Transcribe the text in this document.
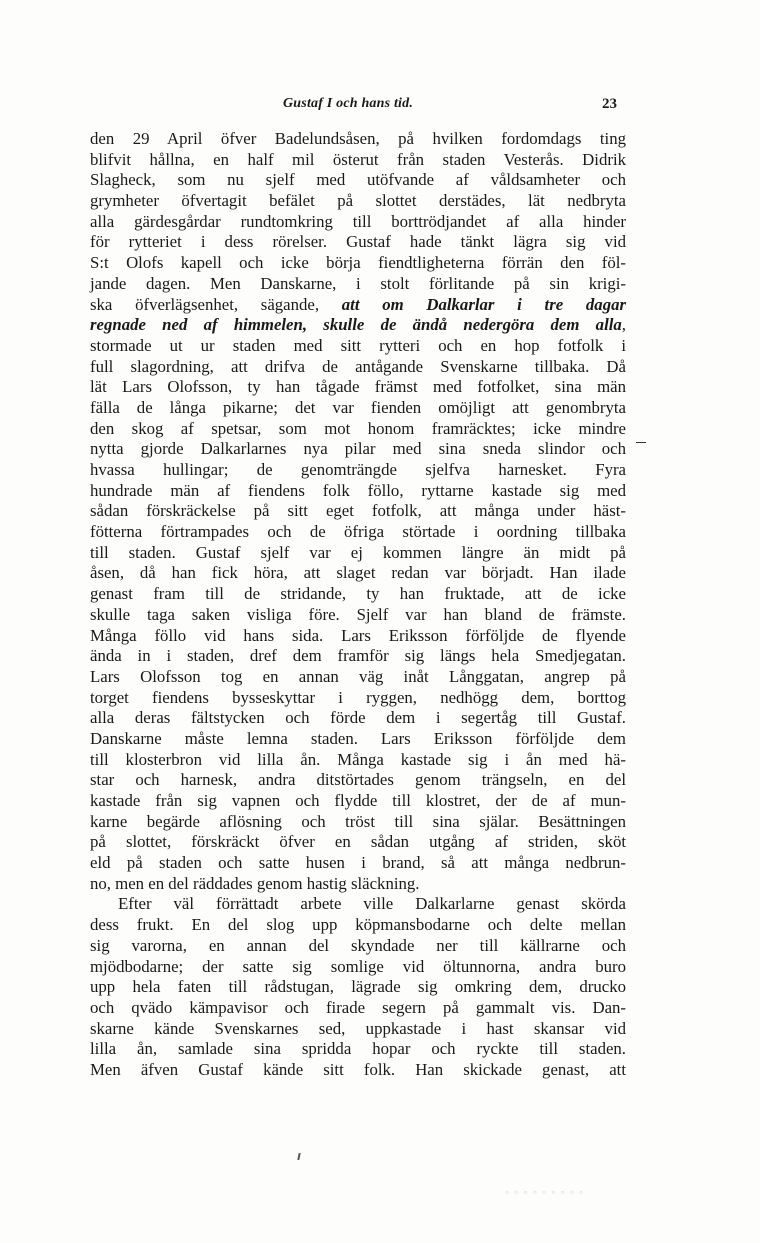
Gustaf I och hans tid.	23
den 29 April öfver Badelundsåsen, på hvilken fordomdags ting
blifvit hållna, en half mil österut från staden Vesterås. Didrik
Slagheck, som nu sjelf med utöfvande af våldsamheter och
grymheter öfvertagit befälet på slottet derstädes, lät nedbryta
alla gärdesgårdar rundtomkring till borttrödjandet af alla hinder
för rytteriet i dess rörelser. Gustaf hade tänkt lägra sig vid
S:t Olofs kapell och icke börja fiendtligheterna förrän den föl-
jande dagen. Men Danskarne, i stolt förlitande på sin krigi-
ska öfverlägsenhet, sägande, att om Dalkarlar i tre dagar
regnade ned af himmelen, skulle de ändå nedergöra dem alla,
stormade ut ur staden med sitt rytteri och en hop fotfolk i
full slagordning, att drifva de antågande Svenskarne tillbaka. Då
lät Lars Olofsson, ty han tågade främst med fotfolket, sina män
fälla de långa pikarne; det var fienden omöjligt att genombryta
den skog af spetsar, som mot honom framräcktes; icke mindre
nytta gjorde Dalkarlarnes nya pilar med sina sneda slindor och
hvassa hullingar; de genomträngde sjelfva harnesket. Fyra
hundrade män af fiendens folk föllo, ryttarne kastade sig med
sådan förskräckelse på sitt eget fotfolk, att många under häst-
fötterna förtrampades och de öfriga störtade i oordning tillbaka
till staden. Gustaf sjelf var ej kommen längre än midt på
åsen, då han fick höra, att slaget redan var börjadt. Han ilade
genast fram till de stridande, ty han fruktade, att de icke
skulle taga saken visliga före. Sjelf var han bland de främste.
Många föllo vid hans sida. Lars Eriksson förföljde de flyende
ända in i staden, dref dem framför sig längs hela Smedjegatan.
Lars Olofsson tog en annan väg inåt Långgatan, angrep på
torget fiendens bysseskyttar i ryggen, nedhögg dem, borttog
alla deras fältstycken och förde dem i segertåg till Gustaf.
Danskarne måste lemna staden. Lars Eriksson förföljde dem
till klosterbron vid lilla ån. Många kastade sig i ån med hä-
star och harnesk, andra ditstörtades genom trängseln, en del
kastade från sig vapnen och flydde till klostret, der de af mun-
karne begärde aflösning och tröst till sina själar. Besättningen
på slottet, förskräckt öfver en sådan utgång af striden, sköt
eld på staden och satte husen i brand, så att många nedbrun-
no, men en del räddades genom hastig släckning.
Efter väl förrättadt arbete ville Dalkarlarne genast skörda
dess frukt. En del slog upp köpmansbodarne och delte mellan
sig varorna, en annan del skyndade ner till källrarne och
mjödbodarne; der satte sig somlige vid öltunnorna, andra buro
upp hela faten till rådstugan, lägrade sig omkring dem, drucko
och qvädo kämpavisor och firade segern på gammalt vis. Dan-
skarne kände Svenskarnes sed, uppkastade i hast skansar vid
lilla ån, samlade sina spridda hopar och ryckte till staden.
Men äfven Gustaf kände sitt folk. Han skickade genast, att
◦ ◦ ◦ ◦ ◦ ◦ ◦ ◦ ◦
